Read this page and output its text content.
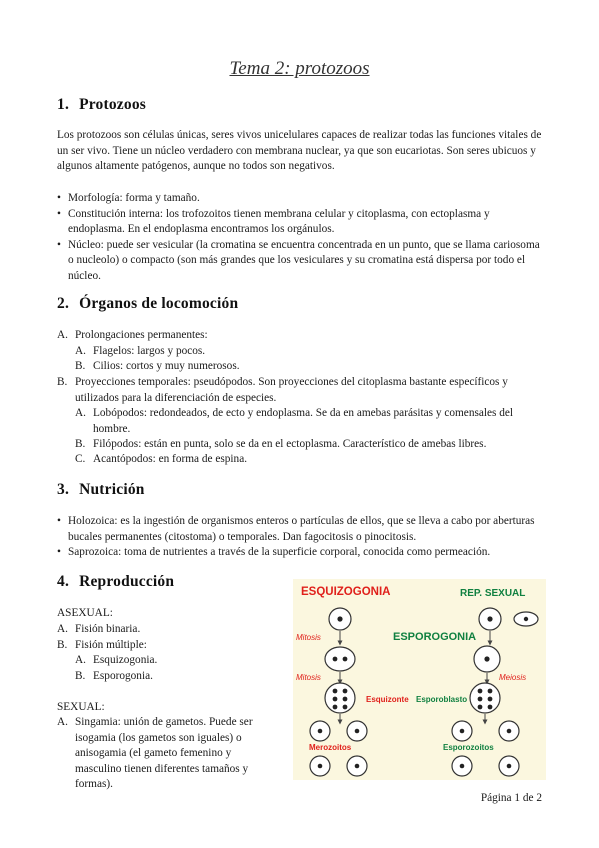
Tema 2: protozoos
1. Protozoos
Los protozoos son células únicas, seres vivos unicelulares capaces de realizar todas las funciones vitales de un ser vivo. Tiene un núcleo verdadero con membrana nuclear, ya que son eucariotas. Son seres ubicuos y algunos altamente patógenos, aunque no todos son negativos.
• Morfología: forma y tamaño.
• Constitución interna: los trofozoitos tienen membrana celular y citoplasma, con ectoplasma y endoplasma. En el endoplasma encontramos los orgánulos.
• Núcleo: puede ser vesicular (la cromatina se encuentra concentrada en un punto, que se llama cariosoma o nucleolo) o compacto (son más grandes que los vesiculares y su cromatina está dispersa por todo el núcleo.
2. Órganos de locomoción
A. Prolongaciones permanentes:
A. Flagelos: largos y pocos.
B. Cilios: cortos y muy numerosos.
B. Proyecciones temporales: pseudópodos. Son proyecciones del citoplasma bastante específicos y utilizados para la diferenciación de especies.
A. Lobópodos: redondeados, de ecto y endoplasma. Se da en amebas parásitas y comensales del hombre.
B. Filópodos: están en punta, solo se da en el ectoplasma. Característico de amebas libres.
C. Acantópodos: en forma de espina.
3. Nutrición
• Holozoica: es la ingestión de organismos enteros o partículas de ellos, que se lleva a cabo por aberturas bucales permanentes (citostoma) o temporales. Dan fagocitosis o pinocitosis.
• Saprozoica: toma de nutrientes a través de la superficie corporal, conocida como permeación.
4. Reproducción
ASEXUAL:
A. Fisión binaria.
B. Fisión múltiple:
A. Esquizogonia.
B. Esporogonia.
SEXUAL:
A. Singamia: unión de gametos. Puede ser isogamia (los gametos son iguales) o anisogamia (el gameto femenino y masculino tienen diferentes tamaños y formas).
ESQUIZOGONIA	REP. SEXUAL
ESPOROGONIA
Mitosis
Mitosis	Meiosis
Esquizonte Esporoblasto
Merozoitos	Esporozoitos
Página 1 de 2
